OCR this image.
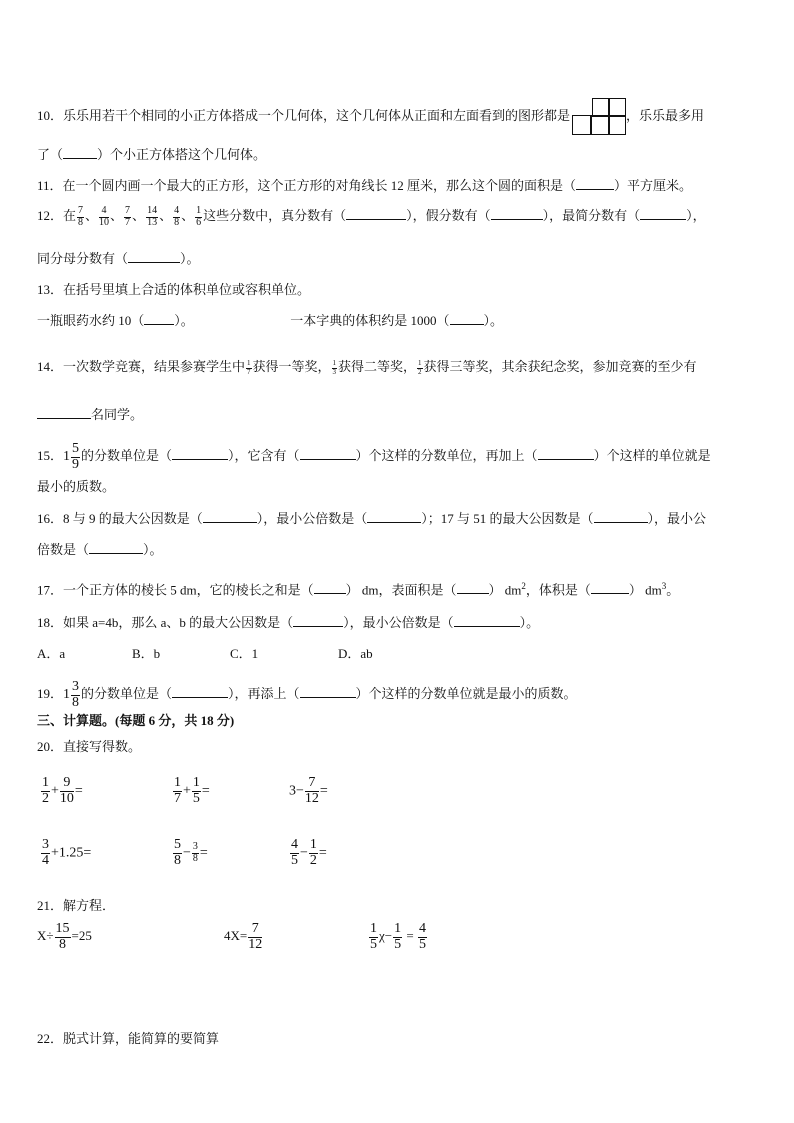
10．乐乐用若干个相同的小正方体搭成一个几何体，这个几何体从正面和左面看到的图形都是	，乐乐最多用
了（	）个小正方体搭这个几何体。
11．在一个圆内画一个最大的正方形，这个正方形的对角线长 12 厘米，那么这个圆的面积是（	）平方厘米。
12．在 $\frac{7}{8}$ 、 $\frac{4}{10}$ 、 $\frac{7}{7}$ 、 $\frac{14}{13}$ 、 $\frac{4}{8}$ 、 $\frac{1}{6}$ 这些分数中，真分数有（	），假分数有（	），最简分数有（	），
同分母分数有（	）。
13．在括号里填上合适的体积单位或容积单位。
一瓶眼药水约 10（ ）。	一本字典的体积约是 1000（	）。
14．一次数学竞赛，结果参赛学生中 $\frac{1}{7}$ 获得一等奖， $\frac{1}{3}$ 获得二等奖， $\frac{1}{2}$ 获得三等奖，其余获纪念奖，参加竞赛的至少有
名同学。
15．$1 \frac{5}{9}$ 的分数单位是（	），它含有（	）个这样的分数单位，再加上（	）个这样的单位就是
最小的质数。
16．8 与 9 的最大公因数是（	），最小公倍数是（	）；17 与 51 的最大公因数是（	），最小公
倍数是（	）。
17．一个正方体的棱长 5 dm，它的棱长之和是（ ） dm，表面积是（ ） $dm^2$，体积是（	） $dm^3$。
18．如果 a=4b，那么 a、b 的最大公因数是（	），最小公倍数是（	）。
A．a	B．b	C．1	D．ab
19．$1 \frac{3}{8}$ 的分数单位是（	），再添上（	）个这样的分数单位就是最小的质数。
三、计算题。(每题 6 分，共 18 分)
20．直接写得数。
$\frac{1}{2} + \frac{9}{10}$ =	$\frac{1}{7} + \frac{1}{5}$ =	$3- \frac{7}{12}$ =
$\frac{3}{4} +1.25=$	$\frac{5}{8} - \frac{3}{8}$ =	$\frac{4}{5} - \frac{1}{2}$ =
21．解方程．
$X\div \frac{15}{8} =25$	$4X= \frac{7}{12}$	$\frac{1}{5} \chi- \frac{1}{5} = \frac{4}{5}$
22．脱式计算，能简算的要简算
